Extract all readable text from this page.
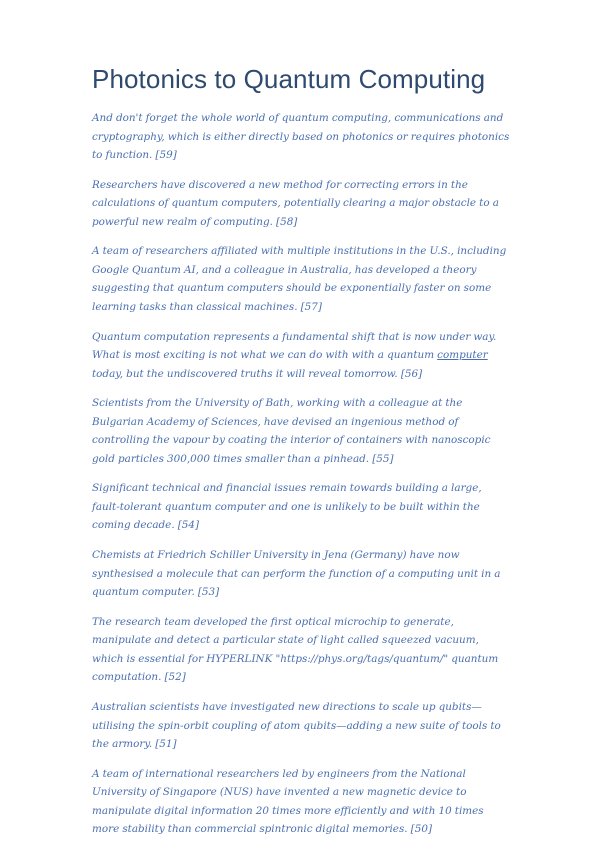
Photonics to Quantum Computing

And don't forget the whole world of quantum computing, communications and cryptography, which is either directly based on photonics or requires photonics to function. [59]

Researchers have discovered a new method for correcting errors in the calculations of quantum computers, potentially clearing a major obstacle to a powerful new realm of computing. [58]

A team of researchers affiliated with multiple institutions in the U.S., including Google Quantum AI, and a colleague in Australia, has developed a theory suggesting that quantum computers should be exponentially faster on some learning tasks than classical machines. [57]

Quantum computation represents a fundamental shift that is now under way. What is most exciting is not what we can do with with a quantum computer today, but the undiscovered truths it will reveal tomorrow. [56]

Scientists from the University of Bath, working with a colleague at the Bulgarian Academy of Sciences, have devised an ingenious method of controlling the vapour by coating the interior of containers with nanoscopic gold particles 300,000 times smaller than a pinhead. [55]

Significant technical and financial issues remain towards building a large, fault-tolerant quantum computer and one is unlikely to be built within the coming decade. [54]

Chemists at Friedrich Schiller University in Jena (Germany) have now synthesised a molecule that can perform the function of a computing unit in a quantum computer. [53]

The research team developed the first optical microchip to generate, manipulate and detect a particular state of light called squeezed vacuum, which is essential for HYPERLINK "https://phys.org/tags/quantum/" quantum computation. [52]

Australian scientists have investigated new directions to scale up qubits—utilising the spin-orbit coupling of atom qubits—adding a new suite of tools to the armory. [51]

A team of international researchers led by engineers from the National University of Singapore (NUS) have invented a new magnetic device to manipulate digital information 20 times more efficiently and with 10 times more stability than commercial spintronic digital memories. [50]
